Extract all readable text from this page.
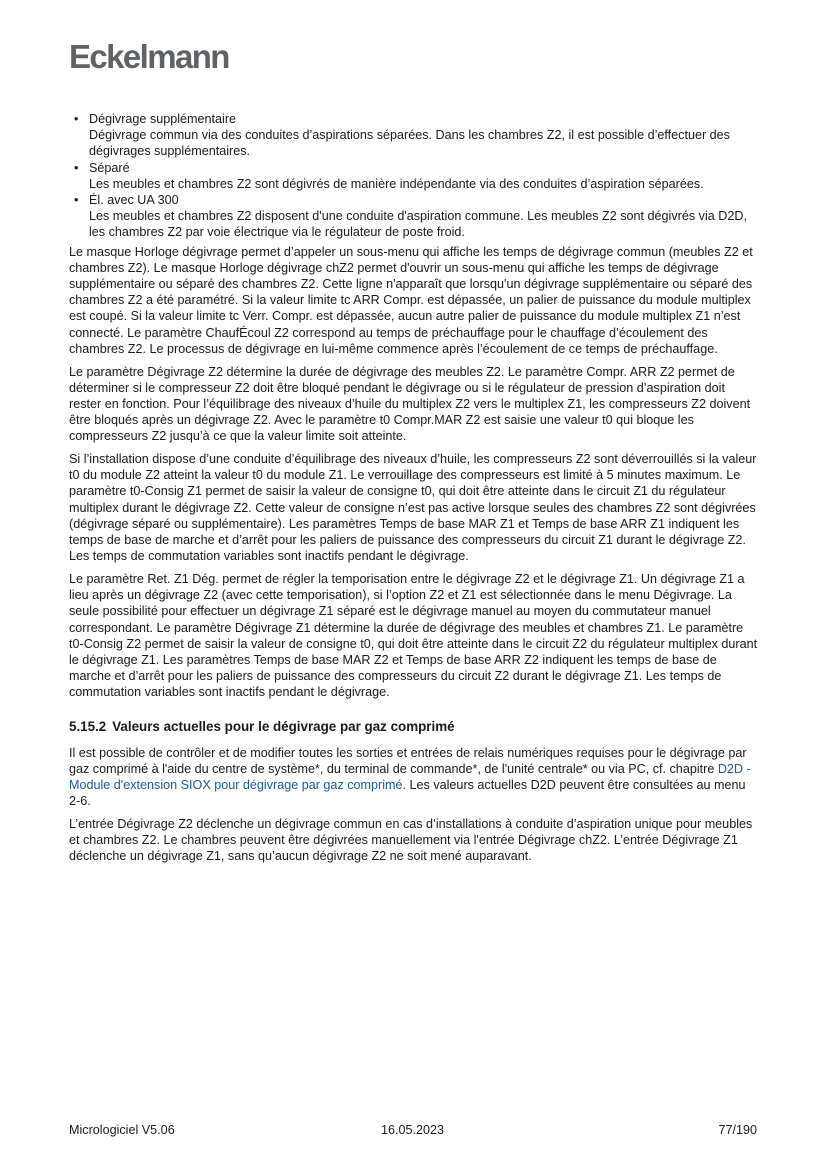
Eckelmann
• Dégivrage supplémentaire
Dégivrage commun via des conduites d’aspirations séparées. Dans les chambres Z2, il est possible d’effectuer des dégivrages supplémentaires.
• Séparé
Les meubles et chambres Z2 sont dégivrés de manière indépendante via des conduites d’aspiration séparées.
• Él. avec UA 300
Les meubles et chambres Z2 disposent d'une conduite d'aspiration commune. Les meubles Z2 sont dégivrés via D2D, les chambres Z2 par voie électrique via le régulateur de poste froid.

Le masque Horloge dégivrage permet d’appeler un sous-menu qui affiche les temps de dégivrage commun (meubles Z2 et chambres Z2). Le masque Horloge dégivrage chZ2 permet d'ouvrir un sous-menu qui affiche les temps de dégivrage supplémentaire ou séparé des chambres Z2. Cette ligne n'apparaît que lorsqu'un dégivrage supplémentaire ou séparé des chambres Z2 a été paramétré. Si la valeur limite tc ARR Compr. est dépassée, un palier de puissance du module multiplex est coupé. Si la valeur limite tc Verr. Compr. est dépassée, aucun autre palier de puissance du module multiplex Z1 n’est connecté. Le paramètre ChaufÉcoul Z2 correspond au temps de préchauffage pour le chauffage d’écoulement des chambres Z2. Le processus de dégivrage en lui-même commence après l’écoulement de ce temps de préchauffage.

Le paramètre Dégivrage Z2 détermine la durée de dégivrage des meubles Z2. Le paramètre Compr. ARR Z2 permet de déterminer si le compresseur Z2 doit être bloqué pendant le dégivrage ou si le régulateur de pression d’aspiration doit rester en fonction. Pour l’équilibrage des niveaux d’huile du multiplex Z2 vers le multiplex Z1, les compresseurs Z2 doivent être bloqués après un dégivrage Z2. Avec le paramètre t0 Compr.MAR Z2 est saisie une valeur t0 qui bloque les compresseurs Z2 jusqu’à ce que la valeur limite soit atteinte.

Si l’installation dispose d’une conduite d’équilibrage des niveaux d’huile, les compresseurs Z2 sont déverrouillés si la valeur t0 du module Z2 atteint la valeur t0 du module Z1. Le verrouillage des compresseurs est limité à 5 minutes maximum. Le paramètre t0-Consig Z1 permet de saisir la valeur de consigne t0, qui doit être atteinte dans le circuit Z1 du régulateur multiplex durant le dégivrage Z2. Cette valeur de consigne n’est pas active lorsque seules des chambres Z2 sont dégivrées (dégivrage séparé ou supplémentaire). Les paramètres Temps de base MAR Z1 et Temps de base ARR Z1 indiquent les temps de base de marche et d’arrêt pour les paliers de puissance des compresseurs du circuit Z1 durant le dégivrage Z2. Les temps de commutation variables sont inactifs pendant le dégivrage.

Le paramètre Ret. Z1 Dég. permet de régler la temporisation entre le dégivrage Z2 et le dégivrage Z1. Un dégivrage Z1 a lieu après un dégivrage Z2 (avec cette temporisation), si l’option Z2 et Z1 est sélectionnée dans le menu Dégivrage. La seule possibilité pour effectuer un dégivrage Z1 séparé est le dégivrage manuel au moyen du commutateur manuel correspondant. Le paramètre Dégivrage Z1 détermine la durée de dégivrage des meubles et chambres Z1. Le paramètre t0-Consig Z2 permet de saisir la valeur de consigne t0, qui doit être atteinte dans le circuit Z2 du régulateur multiplex durant le dégivrage Z1. Les paramètres Temps de base MAR Z2 et Temps de base ARR Z2 indiquent les temps de base de marche et d’arrêt pour les paliers de puissance des compresseurs du circuit Z2 durant le dégivrage Z1. Les temps de commutation variables sont inactifs pendant le dégivrage.

5.15.2 Valeurs actuelles pour le dégivrage par gaz comprimé

Il est possible de contrôler et de modifier toutes les sorties et entrées de relais numériques requises pour le dégivrage par gaz comprimé à l'aide du centre de système*, du terminal de commande*, de l'unité centrale* ou via PC, cf. chapitre D2D - Module d'extension SIOX pour dégivrage par gaz comprimé. Les valeurs actuelles D2D peuvent être consultées au menu 2-6.

L’entrée Dégivrage Z2 déclenche un dégivrage commun en cas d’installations à conduite d’aspiration unique pour meubles et chambres Z2. Le chambres peuvent être dégivrées manuellement via l'entrée Dégivrage chZ2. L’entrée Dégivrage Z1 déclenche un dégivrage Z1, sans qu’aucun dégivrage Z2 ne soit mené auparavant.

Micrologiciel V5.06	16.05.2023	77/190
